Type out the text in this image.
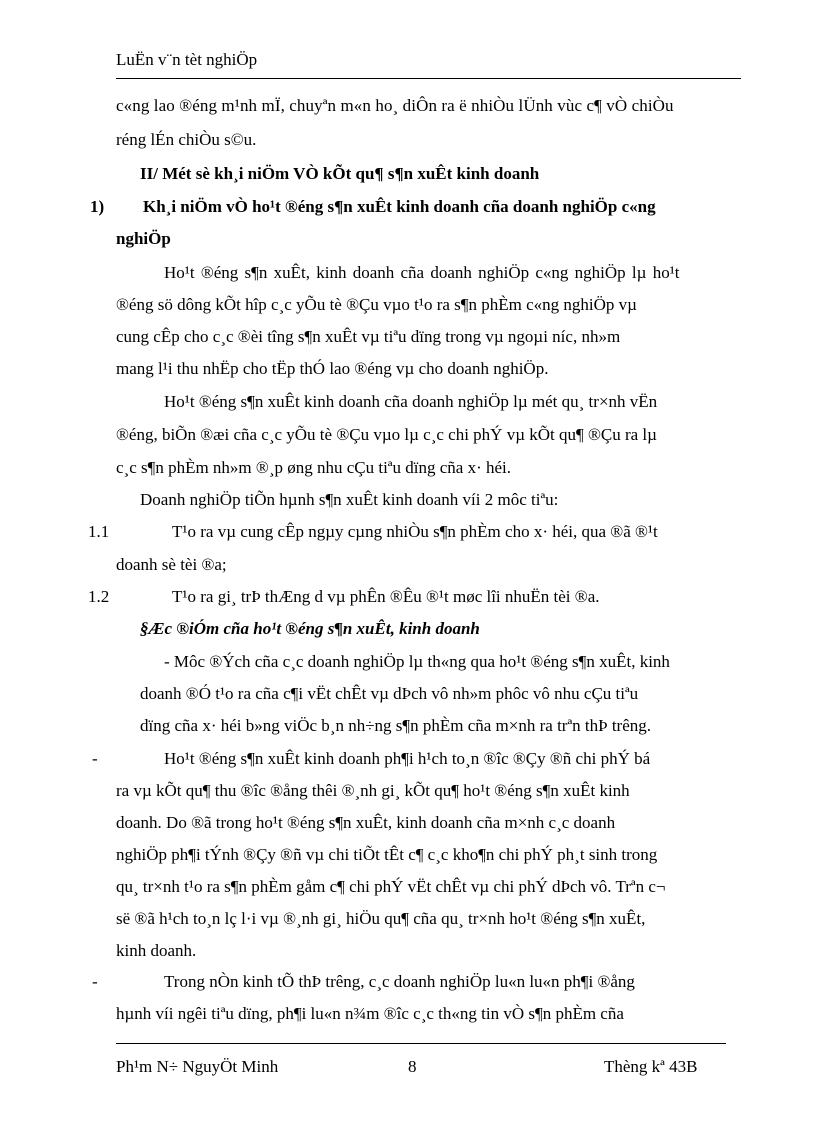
LuËn v¨n tèt nghiÖp
c«ng lao ®éng m¹nh mÏ, chuyªn m«n ho¸ diÔn ra ë nhiÒu lÜnh vùc c¶ vÒ chiÒu
réng lÉn chiÒu s©u.
II/ Mét sè kh¸i niÖm VÒ kÕt qu¶ s¶n xuÊt kinh doanh
1) Kh¸i niÖm vÒ ho¹t ®éng s¶n xuÊt kinh doanh cña doanh nghiÖp c«ng
nghiÖp
Ho¹t ®éng s¶n xuÊt, kinh doanh cña doanh nghiÖp c«ng nghiÖp lµ ho¹t
®éng sö dông kÕt hîp c¸c yÕu tè ®Çu vµo t¹o ra s¶n phÈm c«ng nghiÖp vµ
cung cÊp cho c¸c ®èi tîng s¶n xuÊt vµ tiªu dïng trong vµ ngoµi níc, nh»m
mang l¹i thu nhËp cho tËp thÓ lao ®éng vµ cho doanh nghiÖp.
Ho¹t ®éng s¶n xuÊt kinh doanh cña doanh nghiÖp lµ mét qu¸ tr×nh vËn
®éng, biÕn ®æi cña c¸c yÕu tè ®Çu vµo lµ c¸c chi phÝ vµ kÕt qu¶ ®Çu ra lµ
c¸c s¶n phÈm nh»m ®¸p øng nhu cÇu tiªu dïng cña x· héi.
Doanh nghiÖp tiÕn hµnh s¶n xuÊt kinh doanh víi 2 môc tiªu:
1.1	T¹o ra vµ cung cÊp ngµy cµng nhiÒu s¶n phÈm cho x· héi, qua ®ã ®¹t
doanh sè tèi ®a;
1.2	T¹o ra gi¸ trÞ thÆng d vµ phÊn ®Êu ®¹t møc lîi nhuËn tèi ®a.
§Æc ®iÓm cña ho¹t ®éng s¶n xuÊt, kinh doanh
- Môc ®Ých cña c¸c doanh nghiÖp lµ th«ng qua ho¹t ®éng s¶n xuÊt, kinh
doanh ®Ó t¹o ra cña c¶i vËt chÊt vµ dÞch vô nh»m phôc vô nhu cÇu tiªu
dïng cña x· héi b»ng viÖc b¸n nh÷ng s¶n phÈm cña m×nh ra trªn thÞ trêng.
-	Ho¹t ®éng s¶n xuÊt kinh doanh ph¶i h¹ch to¸n ®îc ®Çy ®ñ chi phÝ bá
ra vµ kÕt qu¶ thu ®îc ®ång thêi ®¸nh gi¸ kÕt qu¶ ho¹t ®éng s¶n xuÊt kinh
doanh. Do ®ã trong ho¹t ®éng s¶n xuÊt, kinh doanh cña m×nh c¸c doanh
nghiÖp ph¶i tÝnh ®Çy ®ñ vµ chi tiÕt tÊt c¶ c¸c kho¶n chi phÝ ph¸t sinh trong
qu¸ tr×nh t¹o ra s¶n phÈm gåm c¶ chi phÝ vËt chÊt vµ chi phÝ dÞch vô. Trªn c¬
së ®ã h¹ch to¸n lç l·i vµ ®¸nh gi¸ hiÖu qu¶ cña qu¸ tr×nh ho¹t ®éng s¶n xuÊt,
kinh doanh.
-	Trong nÒn kinh tÕ thÞ trêng, c¸c doanh nghiÖp lu«n lu«n ph¶i ®ång
hµnh víi ngêi tiªu dïng, ph¶i lu«n n¾m ®îc c¸c th«ng tin vÒ s¶n phÈm cña
Ph¹m N÷ NguyÖt Minh	8	Thèng kª 43B
